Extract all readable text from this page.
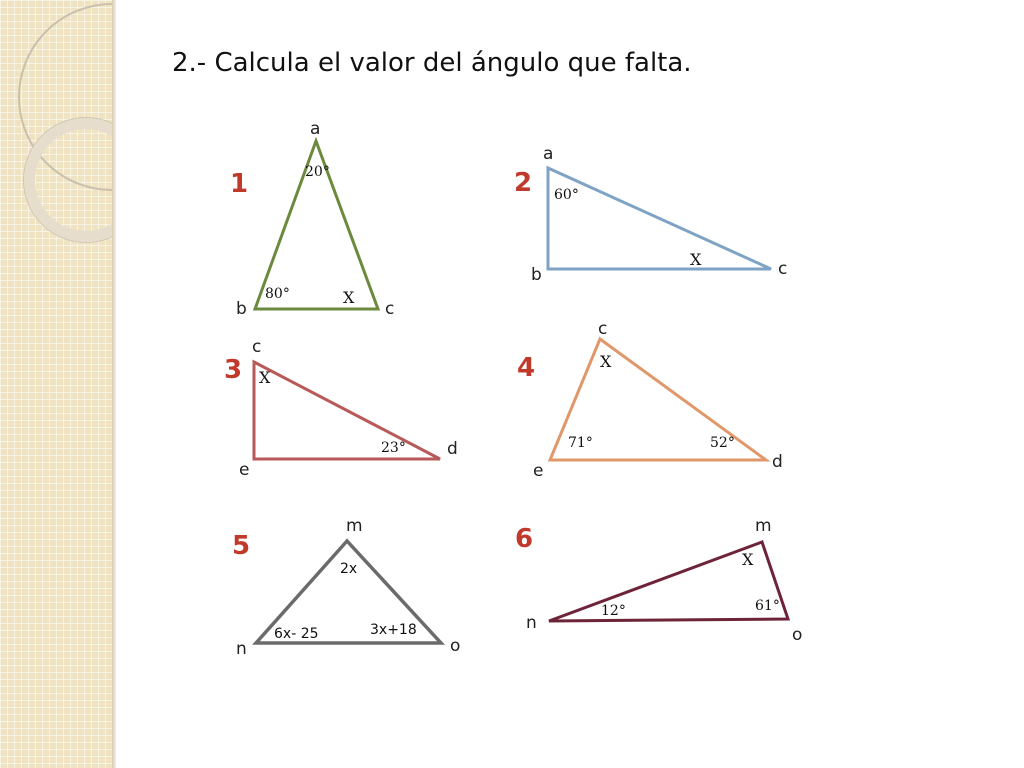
2.- Calcula el valor del ángulo que falta.
1
a
b	c
20°
80°	X
2
a
b	c
60°
X
3
c
e
d
X
23°
4
c
e	d
X
71°	52°
5
m
n	o
2x
6x- 25	3x+18
6	m
n
o
X
12°	61°
